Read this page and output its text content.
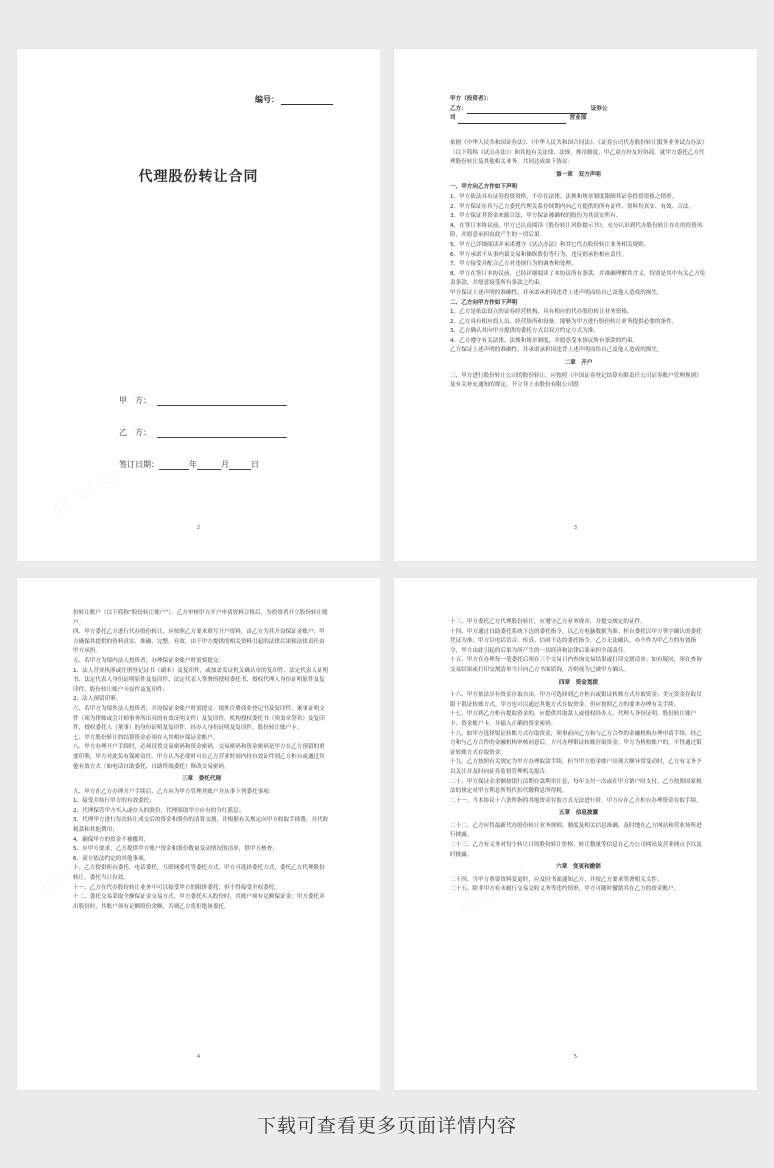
编号：
代理股份转让合同
甲　方：
乙　方：
签订日期：	年	月	日
2

甲方（投资者）：

乙方：	证券公

司	营业部

依据《中华人民共和国证券法》、《中华人民共和国合同法》、《证券公司代办股份转让服务业务试点办法》（以下简称《试点办法》）和其他有关法律、法规、规章制度，甲乙双方经友好协商，就甲方委托乙方代理股份转让及其他相关业务，共同达成如下协议：

第一章　双方声明

一、甲方向乙方作如下声明

1、甲方依法具有证券投资资格，不存在法律、法规和规章制度限制其证券投资资格之情形。

2、甲方保证在其与乙方委托代理关系存续期内向乙方提供的所有证件、资料均真实、有效、合法。

3、甲方保证其资金来源合法，甲方保证被确权的股份为其真实所有。

4、在签订本协议前，甲方已认真阅读《股份转让风险提示书》，充分认识到代办股份转让存在的投资风险，并愿意承担由此产生的一切后果。

5、甲方已详细阅读并承诺遵守《试点办法》和其它代办股份转让业务相关规则。

6、甲方承诺不从事内幕交易和操纵股份等行为，违反则承担相应责任。

7、甲方接受并配合乙方对违规行为的调查和处理。

8、甲方在签订本协议前，已经详细阅读了本协议所有条款，并准确理解其含义，特别是其中有关乙方免责条款，并愿意接受所有条款之约束。

甲方保证上述声明的准确性，并承诺承担因违背上述声明而给自己及他人造成的损失。

二、乙方向甲方作如下声明

1、乙方是依法设立的证券经营机构，具有相应的代办股份转让业务资格。

2、乙方具有相应的人员、经营场所和设备，能够为甲方进行股份转让业务提供必要的条件。

3、乙方确认其向甲方提供的委托方式以双方约定方式为准。

4、乙方遵守有关法律、法规和规章制度，并愿意受本协议所有条款的约束。

乙方保证上述声明的准确性，并承诺承担因违背上述声明而给自己及他人造成的损失。

二章　开户

三、甲方进行股份转让公司的股份转让，应按照《中国证券登记结算有限责任公司证券账户管理规则》及有关补充通知的规定，开立非上市股份有限公司股

3

份转让账户（以下简称“股份转让账户”），乙方审核甲方开户申请资料合格后，为投资者开立股份转让账户。

四、甲方委托乙方进行代办股份转让，应按照乙方要求填写开户资料，由乙方为其开设保证金账户；甲方确保其提供的资料真实、准确、完整、有效。由于甲方提供的相关资料引起的法律后果和法律责任由甲方承担。

五、若甲方为境内法人投资者，办理保证金账户时需要提交：

1、法人营业执照或注册登记证书（副本）及复印件，或加盖发证机关确认章的复印件、法定代表人证明书、法定代表人身份证明原件及复印件、法定代表人签署的授权委托书、授权代理人身份证明原件及复印件、股份转让账户卡原件及复印件；

2、法人预留印鉴。

六、若甲方为境外法人投资者，开设保证金账户时需提交：境外注册商业登记书及复印件，董事证明文件（须为律师或会计师事务所出具的有效证明文件）及复印件，机构授权委托书（须盖章签名）及复印件，授权委托人（董事）的身份证明及复印件，经办人身份证明及复印件，股份转让账户卡。

七、甲方股份转让的结算资金必须存入其相应保证金账户。

八、甲方办理开户手续时，必须设置交易密码和资金密码。交易密码和资金密码是甲方在乙方预留的重要印鉴，甲方对此负有保密责任。甲方认为必要时可在乙方营业时间内持有效证件到乙方柜台或通过其他有效方式（如电话自助委托、自助终端委托）修改交易密码。

三章　委托代理

九、甲方在乙方办理开户手续后，乙方应为甲方管理其账户并从事下列委托事项：

1、接受并执行甲方的有效委托；

2、代理保管甲方买入或存入的股份，代理领取甲方应有的分红派息；

3、代理甲方进行每次转让成交后的资金和股份的清算交割，并根据有关规定向甲方收取手续费，并代收税款和其他费用；

4、确保甲方的资金不被挪用；

5、应甲方要求，乙方提供甲方账户资金和股份数量变动情况的清单，供甲方核查；

6、双方依法约定的其他事项。

十、乙方提供柜台委托、电话委托、互联网委托等委托方式。甲方可选择委托方式，委托乙方代理股份转让，委托当日有效。

十一、乙方在代办股份转让业务中可以接受甲方的限价委托，但不得接受全权委托。

十二、委托交易采取全额保证金交易方式。甲方委托买入股份时，其账户须有足额保证金；甲方委托卖出股份时，其账户须有足额股份余额，否则乙方将拒绝该委托。

4

十三、甲方委托乙方代理股份转让，应遵守乙方业务规章，并提交规定的证件。

十四、甲方通过自助委托系统下达的委托指令，以乙方电脑数据为准；柜台委托以甲方签字确认的委托凭证为准；甲方以电话语音、传真、信函下达的委托指令，乙方无法确认，亦不作为甲乙方的有效指令，甲方由此引起的后果为所产生的一切经济和法律后果承担全部责任。

十五、甲方在办理每一笔委托后须在三个交易日内查询交易结果或打印交割清单；如有疑问，须在查询交易结果或打印交割清单当日向乙方书面质询，否则视为已被甲方确认。

四章　资金划拨

十六、甲方依法享有资金存取自由。甲方可选择到乙方柜台或银证转账方式存取资金；美元资金存取仅限于银证转账方式。甲方也可以通过其他方式存取资金，但应按照乙方的要求办理有关手续。

十七、甲方到乙方柜台提取资金的，应提供其取款人或授权经办人、代理人身份证明、股份转让账户卡、资金账户卡，并输入正确的资金密码。

十八、如甲方选择银证转账方式存取资金，须事前向乙方和与乙方合作的金融机构办理申请手续，经乙方和与乙方合作的金融机构审核同意后，方可办理银证转账存取资金。甲方为机构账户的，不得通过银证转账方式存取资金。

十九、乙方按照有关规定为甲方办理取款手续。但当甲方资金账户出现大额异常变动时，乙方有义务予以关注并及时向证券监督管理机关报告。

二十、甲方保证金余额按银行活期存款利率计息，每年支付一次或在甲方销户时支付，乙方按照国家税法的规定对甲方利息所得代扣代缴利息所得税。

二十一、当本协议十六条所指的其他资金存取方式无法进行时，甲方应在乙方柜台办理资金存取手续。

五章　信息披露

二十二、乙方应将最新代办股份转让业务规则、制度及相关信息准确、及时地在乙方网站和营业场所进行披露。

二十三、乙方有义务对每个转让日的股份转让价格、转让数量等信息在乙方公司网站及营业网点予以及时披露。

六章　变更和撤销

二十四、当甲方重要资料变更时，应及时书面通知乙方，并按乙方要求签署相关文件。

二十五、除非甲方有未履行交易交收义务等违约情形，甲方可随时撤销其在乙方的资金账户。

5
下载可查看更多页面详情内容
